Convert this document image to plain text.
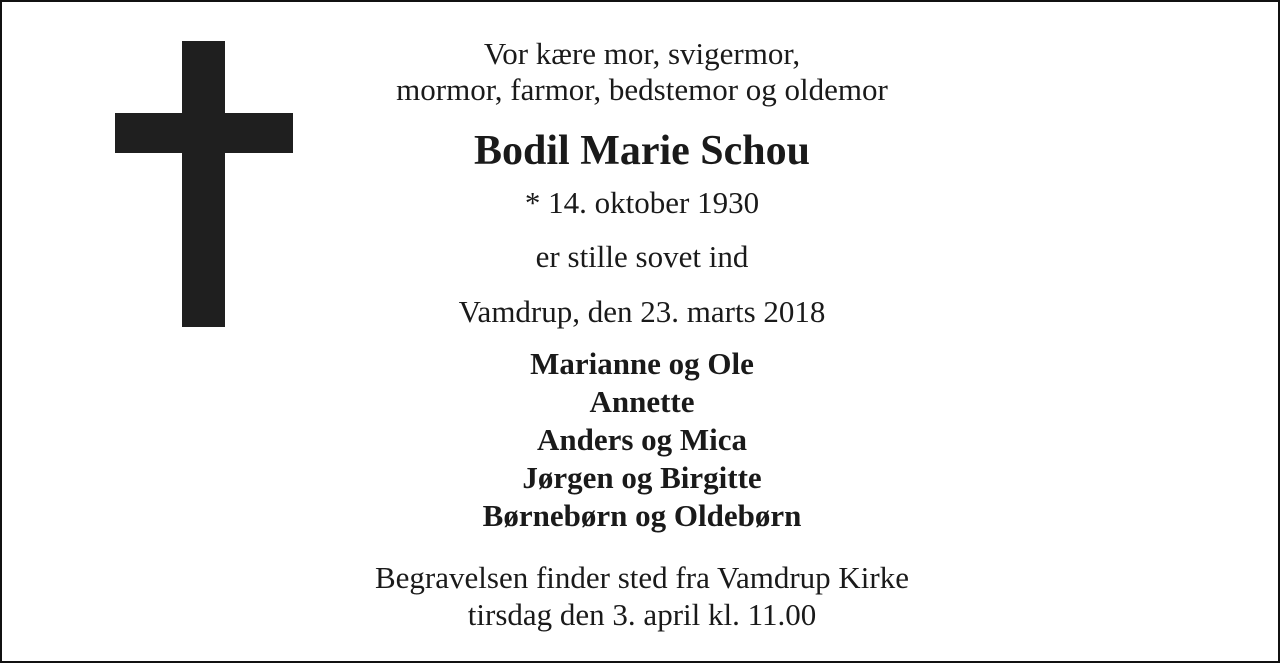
Vor kære mor, svigermor,
mormor, farmor, bedstemor og oldemor
Bodil Marie Schou
* 14. oktober 1930
er stille sovet ind
Vamdrup, den 23. marts 2018
Marianne og Ole
Annette
Anders og Mica
Jørgen og Birgitte
Børnebørn og Oldebørn
Begravelsen finder sted fra Vamdrup Kirke
tirsdag den 3. april kl. 11.00
